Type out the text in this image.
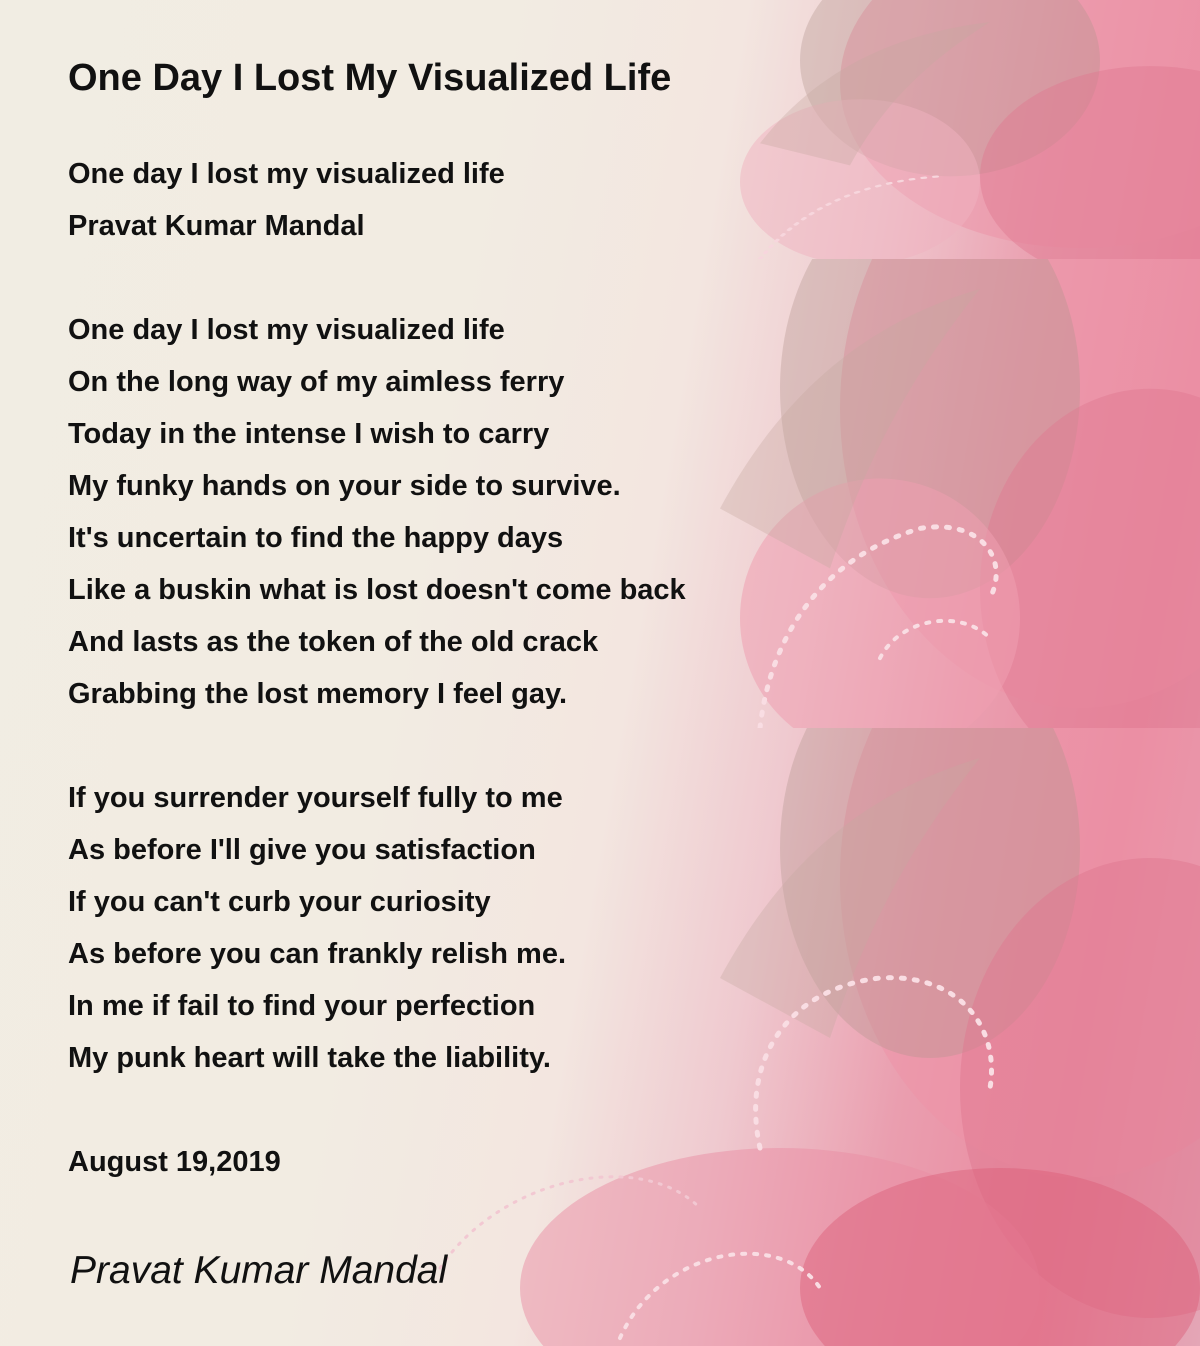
One Day I Lost My Visualized Life
One day I lost my visualized life
Pravat Kumar Mandal
One day I lost my visualized life
On the long way of my aimless ferry
Today in the intense I wish to carry
My funky hands on your side to survive.
It's uncertain to find the happy days
Like a buskin what is lost doesn't come back
And lasts as the token of the old crack
Grabbing the lost memory I feel gay.
If you surrender yourself fully to me
As before I'll give you satisfaction
If you can't curb your curiosity
As before you can frankly relish me.
In me if fail to find your perfection
My punk heart will take the liability.
August 19,2019
Pravat Kumar Mandal
